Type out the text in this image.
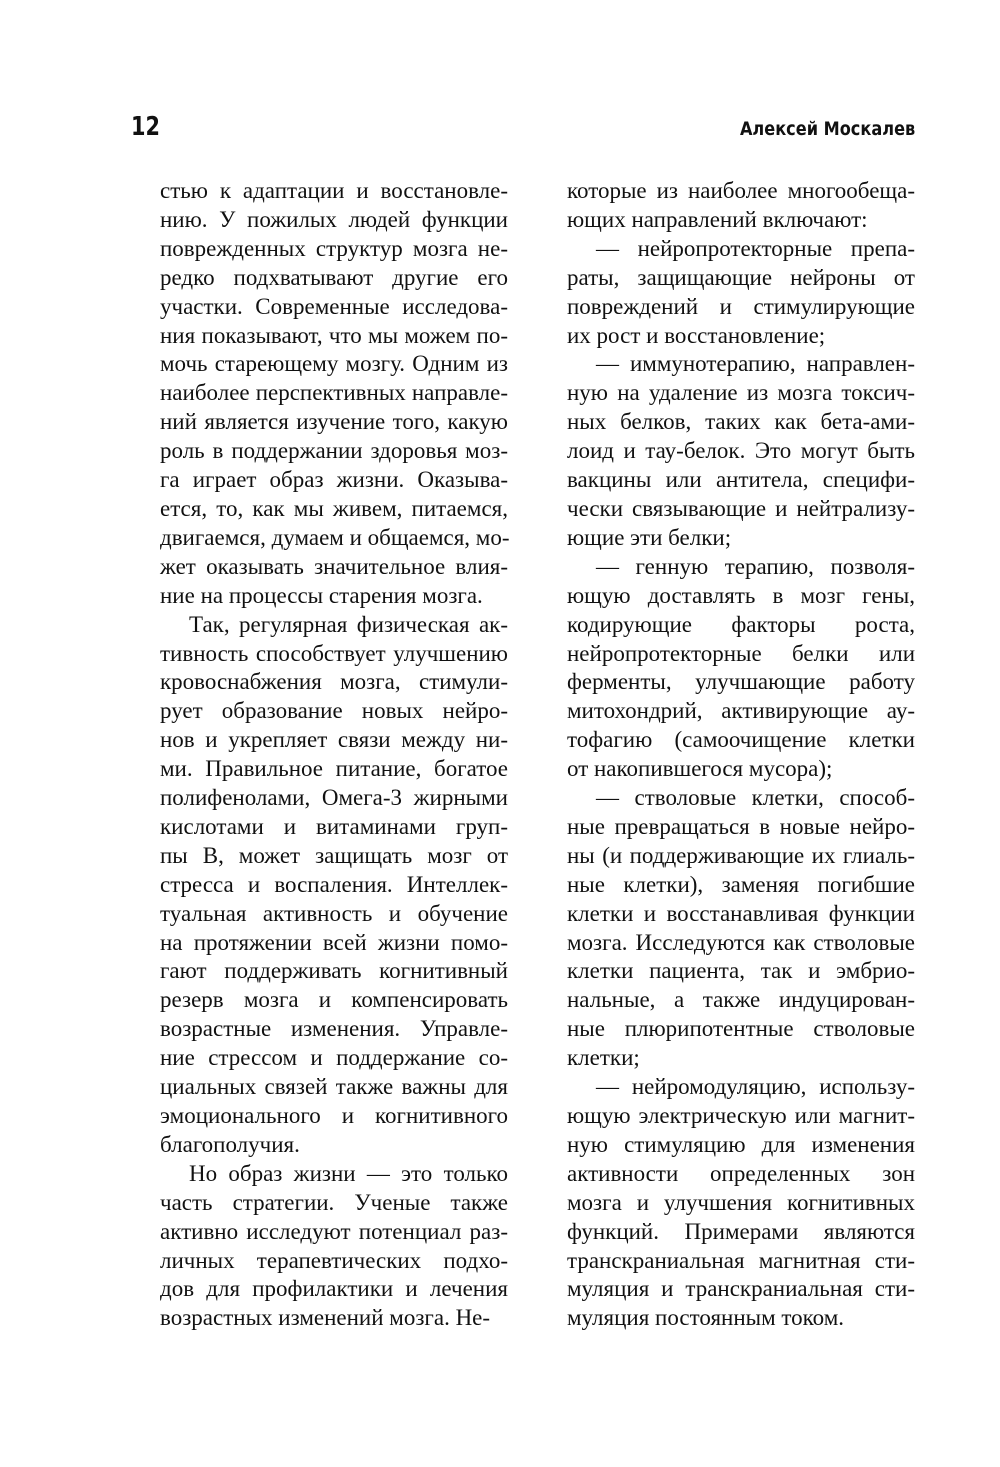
12	Алексей Москалев
стью к адаптации и восстановле-
нию. У пожилых людей функции
поврежденных структур мозга не-
редко подхватывают другие его
участки. Современные исследова-
ния показывают, что мы можем по-
мочь стареющему мозгу. Одним из
наиболее перспективных направле-
ний является изучение того, какую
роль в поддержании здоровья моз-
га играет образ жизни. Оказыва-
ется, то, как мы живем, питаемся,
двигаемся, думаем и общаемся, мо-
жет оказывать значительное влия-
ние на процессы старения мозга.
Так, регулярная физическая ак-
тивность способствует улучшению
кровоснабжения мозга, стимули-
рует образование новых нейро-
нов и укрепляет связи между ни-
ми. Правильное питание, богатое
полифенолами, Омега-3 жирными
кислотами и витаминами груп-
пы В, может защищать мозг от
стресса и воспаления. Интеллек-
туальная активность и обучение
на протяжении всей жизни помо-
гают поддерживать когнитивный
резерв мозга и компенсировать
возрастные изменения. Управле-
ние стрессом и поддержание со-
циальных связей также важны для
эмоционального и когнитивного
благополучия.
Но образ жизни — это только
часть стратегии. Ученые также
активно исследуют потенциал раз-
личных терапевтических подхо-
дов для профилактики и лечения
возрастных изменений мозга. Не-
которые из наиболее многообеща-
ющих направлений включают:
— нейропротекторные препа-
раты, защищающие нейроны от
повреждений и стимулирующие
их рост и восстановление;
— иммунотерапию, направлен-
ную на удаление из мозга токсич-
ных белков, таких как бета-ами-
лоид и тау-белок. Это могут быть
вакцины или антитела, специфи-
чески связывающие и нейтрализу-
ющие эти белки;
— генную терапию, позволя-
ющую доставлять в мозг гены,
кодирующие факторы роста,
нейропротекторные белки или
ферменты, улучшающие работу
митохондрий, активирующие ау-
тофагию (самоочищение клетки
от накопившегося мусора);
— стволовые клетки, способ-
ные превращаться в новые нейро-
ны (и поддерживающие их глиаль-
ные клетки), заменяя погибшие
клетки и восстанавливая функции
мозга. Исследуются как стволовые
клетки пациента, так и эмбрио-
нальные, а также индуцирован-
ные плюрипотентные стволовые
клетки;
— нейромодуляцию, использу-
ющую электрическую или магнит-
ную стимуляцию для изменения
активности определенных зон
мозга и улучшения когнитивных
функций. Примерами являются
транскраниальная магнитная сти-
муляция и транскраниальная сти-
муляция постоянным током.
